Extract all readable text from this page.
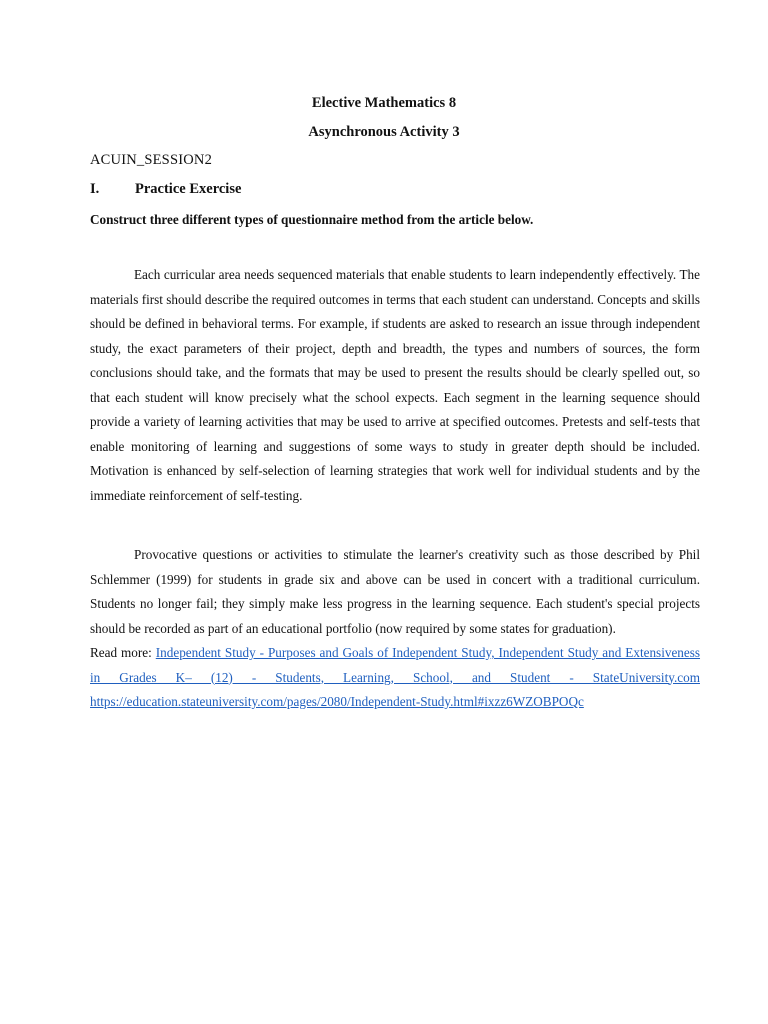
Elective Mathematics 8
Asynchronous Activity 3
ACUIN_SESSION2
I. Practice Exercise
Construct three different types of questionnaire method from the article below.

Each curricular area needs sequenced materials that enable students to learn independently effectively. The materials first should describe the required outcomes in terms that each student can understand. Concepts and skills should be defined in behavioral terms. For example, if students are asked to research an issue through independent study, the exact parameters of their project, depth and breadth, the types and numbers of sources, the form conclusions should take, and the formats that may be used to present the results should be clearly spelled out, so that each student will know precisely what the school expects. Each segment in the learning sequence should provide a variety of learning activities that may be used to arrive at specified outcomes. Pretests and self-tests that enable monitoring of learning and suggestions of some ways to study in greater depth should be included. Motivation is enhanced by self-selection of learning strategies that work well for individual students and by the immediate reinforcement of self-testing.

Provocative questions or activities to stimulate the learner's creativity such as those described by Phil Schlemmer (1999) for students in grade six and above can be used in concert with a traditional curriculum. Students no longer fail; they simply make less progress in the learning sequence. Each student's special projects should be recorded as part of an educational portfolio (now required by some states for graduation).

Read more: Independent Study - Purposes and Goals of Independent Study, Independent Study and Extensiveness in Grades K– (12) - Students, Learning, School, and Student - StateUniversity.com https://education.stateuniversity.com/pages/2080/Independent-Study.html#ixzz6WZOBPOQc
